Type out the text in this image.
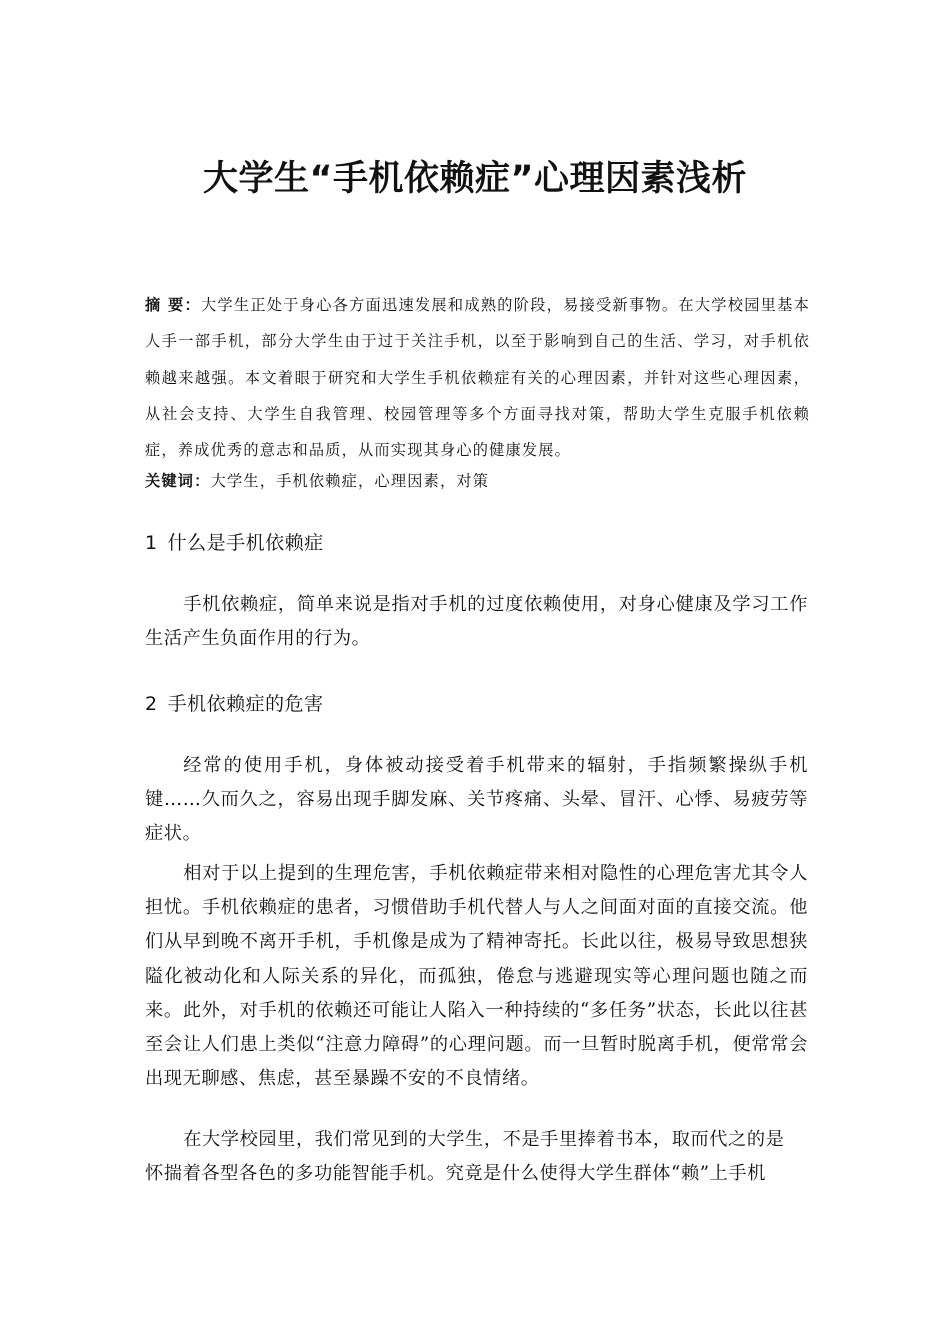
大学生“手机依赖症”心理因素浅析
摘 要：大学生正处于身心各方面迅速发展和成熟的阶段，易接受新事物。在大学校园里基本人手一部手机，部分大学生由于过于关注手机，以至于影响到自己的生活、学习，对手机依赖越来越强。本文着眼于研究和大学生手机依赖症有关的心理因素，并针对这些心理因素，从社会支持、大学生自我管理、校园管理等多个方面寻找对策，帮助大学生克服手机依赖症，养成优秀的意志和品质，从而实现其身心的健康发展。
关键词：大学生，手机依赖症，心理因素，对策
1 什么是手机依赖症
手机依赖症，简单来说是指对手机的过度依赖使用，对身心健康及学习工作生活产生负面作用的行为。
2 手机依赖症的危害
经常的使用手机，身体被动接受着手机带来的辐射，手指频繁操纵手机键……久而久之，容易出现手脚发麻、关节疼痛、头晕、冒汗、心悸、易疲劳等症状。
相对于以上提到的生理危害，手机依赖症带来相对隐性的心理危害尤其令人担忧。手机依赖症的患者，习惯借助手机代替人与人之间面对面的直接交流。他们从早到晚不离开手机，手机像是成为了精神寄托。长此以往，极易导致思想狭隘化被动化和人际关系的异化，而孤独，倦怠与逃避现实等心理问题也随之而来。此外，对手机的依赖还可能让人陷入一种持续的“多任务”状态，长此以往甚至会让人们患上类似“注意力障碍”的心理问题。而一旦暂时脱离手机，便常常会出现无聊感、焦虑，甚至暴躁不安的不良情绪。
在大学校园里，我们常见到的大学生，不是手里捧着书本，取而代之的是
怀揣着各型各色的多功能智能手机。究竟是什么使得大学生群体“赖”上手机
